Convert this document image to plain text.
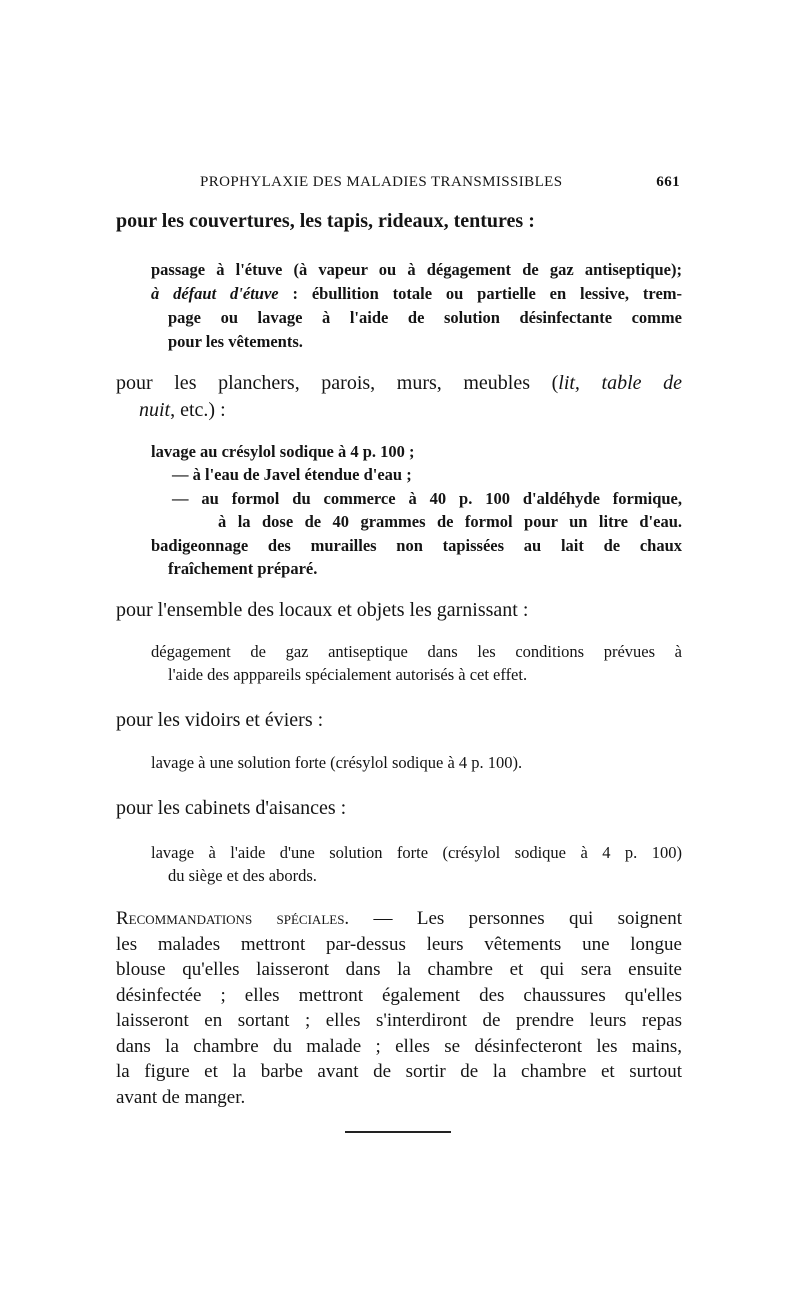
PROPHYLAXIE DES MALADIES TRANSMISSIBLES	661
pour les couvertures, les tapis, rideaux, tentures :
passage à l'étuve (à vapeur ou à dégagement de gaz antiseptique);
à défaut d'étuve : ébullition totale ou partielle en lessive, trem-
page ou lavage à l'aide de solution désinfectante comme
pour les vêtements.
pour les planchers, parois, murs, meubles (lit, table de
nuit, etc.) :
lavage au crésylol sodique à 4 p. 100 ;
— à l'eau de Javel étendue d'eau ;
— au formol du commerce à 40 p. 100 d'aldéhyde formique,
à la dose de 40 grammes de formol pour un litre d'eau.
badigeonnage des murailles non tapissées au lait de chaux
fraîchement préparé.
pour l'ensemble des locaux et objets les garnissant :
dégagement de gaz antiseptique dans les conditions prévues à
l'aide des apppareils spécialement autorisés à cet effet.
pour les vidoirs et éviers :
lavage à une solution forte (crésylol sodique à 4 p. 100).
pour les cabinets d'aisances :
lavage à l'aide d'une solution forte (crésylol sodique à 4 p. 100)
du siège et des abords.
Recommandations spéciales. — Les personnes qui soignent
les malades mettront par-dessus leurs vêtements une longue
blouse qu'elles laisseront dans la chambre et qui sera ensuite
désinfectée ; elles mettront également des chaussures qu'elles
laisseront en sortant ; elles s'interdiront de prendre leurs repas
dans la chambre du malade ; elles se désinfecteront les mains,
la figure et la barbe avant de sortir de la chambre et surtout
avant de manger.
